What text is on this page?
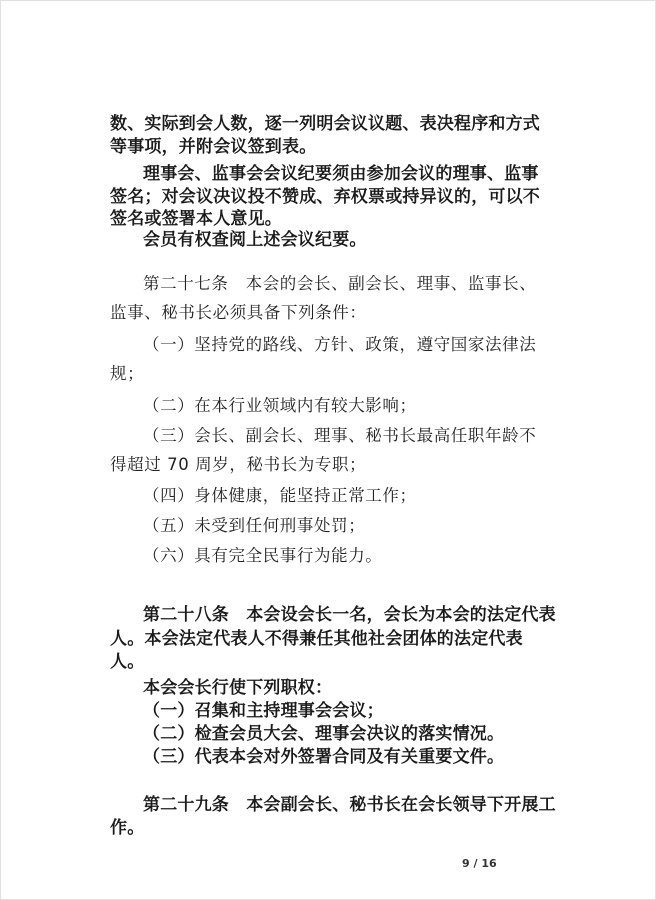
数、实际到会人数，逐一列明会议议题、表决程序和方式
等事项，并附会议签到表。
理事会、监事会会议纪要须由参加会议的理事、监事
签名；对会议决议投不赞成、弃权票或持异议的，可以不
签名或签署本人意见。
会员有权查阅上述会议纪要。
第二十七条　本会的会长、副会长、理事、监事长、
监事、秘书长必须具备下列条件：
（一）坚持党的路线、方针、政策，遵守国家法律法
规；
（二）在本行业领域内有较大影响；
（三）会长、副会长、理事、秘书长最高任职年龄不
得超过 70 周岁，秘书长为专职；
（四）身体健康，能坚持正常工作；
（五）未受到任何刑事处罚；
（六）具有完全民事行为能力。
第二十八条　本会设会长一名，会长为本会的法定代表
人。本会法定代表人不得兼任其他社会团体的法定代表
人。
本会会长行使下列职权：
（一）召集和主持理事会会议；
（二）检查会员大会、理事会决议的落实情况。
（三）代表本会对外签署合同及有关重要文件。
第二十九条　本会副会长、秘书长在会长领导下开展工
作。
9 / 16
